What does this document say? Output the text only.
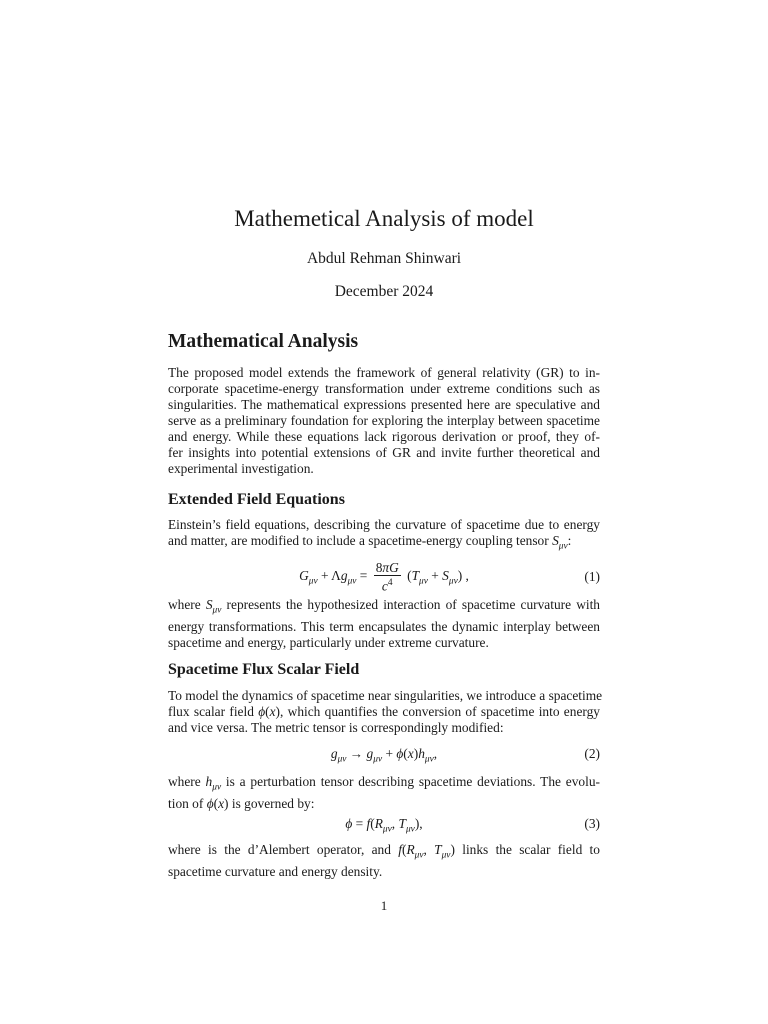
Mathemetical Analysis of model
Abdul Rehman Shinwari
December 2024
Mathematical Analysis
The proposed model extends the framework of general relativity (GR) to in-
corporate spacetime-energy transformation under extreme conditions such as
singularities. The mathematical expressions presented here are speculative and
serve as a preliminary foundation for exploring the interplay between spacetime
and energy. While these equations lack rigorous derivation or proof, they of-
fer insights into potential extensions of GR and invite further theoretical and
experimental investigation.
Extended Field Equations
Einstein’s field equations, describing the curvature of spacetime due to energy
and matter, are modified to include a spacetime-energy coupling tensor $S_{\mu\nu}$:
$G_{\mu\nu} + \Lambda g_{\mu\nu} = \frac{8\pi G}{c^4} (T_{\mu\nu} + S_{\mu\nu})$ ,	(1)
where $S_{\mu\nu}$ represents the hypothesized interaction of spacetime curvature with
energy transformations. This term encapsulates the dynamic interplay between
spacetime and energy, particularly under extreme curvature.
Spacetime Flux Scalar Field
To model the dynamics of spacetime near singularities, we introduce a spacetime
flux scalar field ϕ(x), which quantifies the conversion of spacetime into energy
and vice versa. The metric tensor is correspondingly modified:
$g_{\mu\nu} \to g_{\mu\nu} + \phi(x)h_{\mu\nu}$,	(2)
where $h_{\mu\nu}$ is a perturbation tensor describing spacetime deviations. The evolu-
tion of ϕ(x) is governed by:
$\phi = f(R_{\mu\nu}$, $T_{\mu\nu}$),	(3)
where is the d’Alembert operator, and $f(R_{\mu\nu}$, $T_{\mu\nu}$) links the scalar field to
spacetime curvature and energy density.
1
